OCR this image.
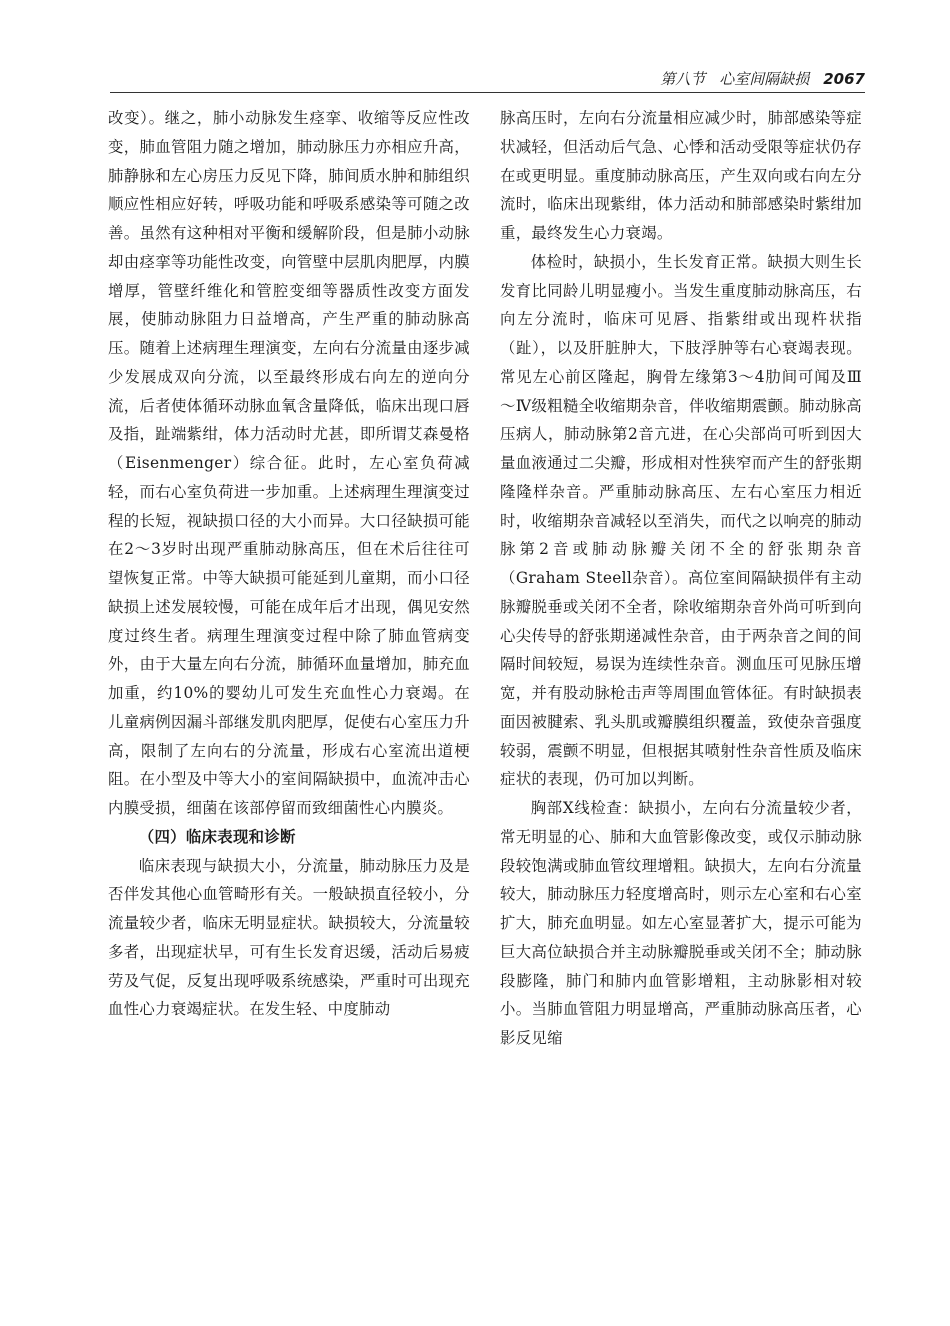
第八节 心室间隔缺损 2067

改变）。继之，肺小动脉发生痉挛、收缩等反应性改变，肺血管阻力随之增加，肺动脉压力亦相应升高，肺静脉和左心房压力反见下降，肺间质水肿和肺组织顺应性相应好转，呼吸功能和呼吸系感染等可随之改善。虽然有这种相对平衡和缓解阶段，但是肺小动脉却由痉挛等功能性改变，向管壁中层肌肉肥厚，内膜增厚，管壁纤维化和管腔变细等器质性改变方面发展，使肺动脉阻力日益增高，产生严重的肺动脉高压。随着上述病理生理演变，左向右分流量由逐步减少发展成双向分流，以至最终形成右向左的逆向分流，后者使体循环动脉血氧含量降低，临床出现口唇及指，趾端紫绀，体力活动时尤甚，即所谓艾森曼格（Eisenmenger）综合征。此时，左心室负荷减轻，而右心室负荷进一步加重。上述病理生理演变过程的长短，视缺损口径的大小而异。大口径缺损可能在2～3岁时出现严重肺动脉高压，但在术后往往可望恢复正常。中等大缺损可能延到儿童期，而小口径缺损上述发展较慢，可能在成年后才出现，偶见安然度过终生者。病理生理演变过程中除了肺血管病变外，由于大量左向右分流，肺循环血量增加，肺充血加重，约10%的婴幼儿可发生充血性心力衰竭。在儿童病例因漏斗部继发肌肉肥厚，促使右心室压力升高，限制了左向右的分流量，形成右心室流出道梗阻。在小型及中等大小的室间隔缺损中，血流冲击心内膜受损，细菌在该部停留而致细菌性心内膜炎。

（四）临床表现和诊断

临床表现与缺损大小，分流量，肺动脉压力及是否伴发其他心血管畸形有关。一般缺损直径较小，分流量较少者，临床无明显症状。缺损较大，分流量较多者，出现症状早，可有生长发育迟缓，活动后易疲劳及气促，反复出现呼吸系统感染，严重时可出现充血性心力衰竭症状。在发生轻、中度肺动

脉高压时，左向右分流量相应减少时，肺部感染等症状减轻，但活动后气急、心悸和活动受限等症状仍存在或更明显。重度肺动脉高压，产生双向或右向左分流时，临床出现紫绀，体力活动和肺部感染时紫绀加重，最终发生心力衰竭。

体检时，缺损小，生长发育正常。缺损大则生长发育比同龄儿明显瘦小。当发生重度肺动脉高压，右向左分流时，临床可见唇、指紫绀或出现杵状指（趾），以及肝脏肿大，下肢浮肿等右心衰竭表现。常见左心前区隆起，胸骨左缘第3～4肋间可闻及Ⅲ～Ⅳ级粗糙全收缩期杂音，伴收缩期震颤。肺动脉高压病人，肺动脉第2音亢进，在心尖部尚可听到因大量血液通过二尖瓣，形成相对性狭窄而产生的舒张期隆隆样杂音。严重肺动脉高压、左右心室压力相近时，收缩期杂音减轻以至消失，而代之以响亮的肺动脉第2音或肺动脉瓣关闭不全的舒张期杂音（Graham Steell杂音）。高位室间隔缺损伴有主动脉瓣脱垂或关闭不全者，除收缩期杂音外尚可听到向心尖传导的舒张期递减性杂音，由于两杂音之间的间隔时间较短，易误为连续性杂音。测血压可见脉压增宽，并有股动脉枪击声等周围血管体征。有时缺损表面因被腱索、乳头肌或瓣膜组织覆盖，致使杂音强度较弱，震颤不明显，但根据其喷射性杂音性质及临床症状的表现，仍可加以判断。

胸部X线检查：缺损小，左向右分流量较少者，常无明显的心、肺和大血管影像改变，或仅示肺动脉段较饱满或肺血管纹理增粗。缺损大，左向右分流量较大，肺动脉压力轻度增高时，则示左心室和右心室扩大，肺充血明显。如左心室显著扩大，提示可能为巨大高位缺损合并主动脉瓣脱垂或关闭不全；肺动脉段膨隆，肺门和肺内血管影增粗，主动脉影相对较小。当肺血管阻力明显增高，严重肺动脉高压者，心影反见缩
